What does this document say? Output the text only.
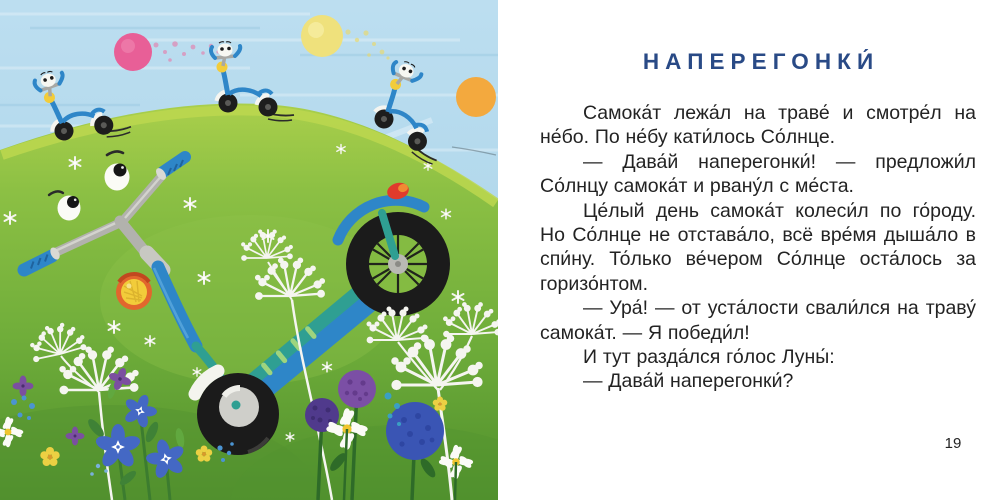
НАПЕРЕГОНКИ́

Самока́т лежа́л на траве́ и смотре́л на не́бо. По не́бу кати́лось Со́лнце.

— Дава́й наперегонки́! — предложи́л Со́лнцу самока́т и рвану́л с ме́ста.

Це́лый день самока́т колеси́л по го́роду. Но Со́лнце не отстава́ло, всё вре́мя дыша́ло в спи́ну. То́лько ве́чером Со́лнце оста́лось за горизо́нтом.

— Ура́! — от уста́лости свали́лся на траву́ самока́т. — Я победи́л!

И тут разда́лся го́лос Луны́:

— Дава́й наперегонки́?

19
